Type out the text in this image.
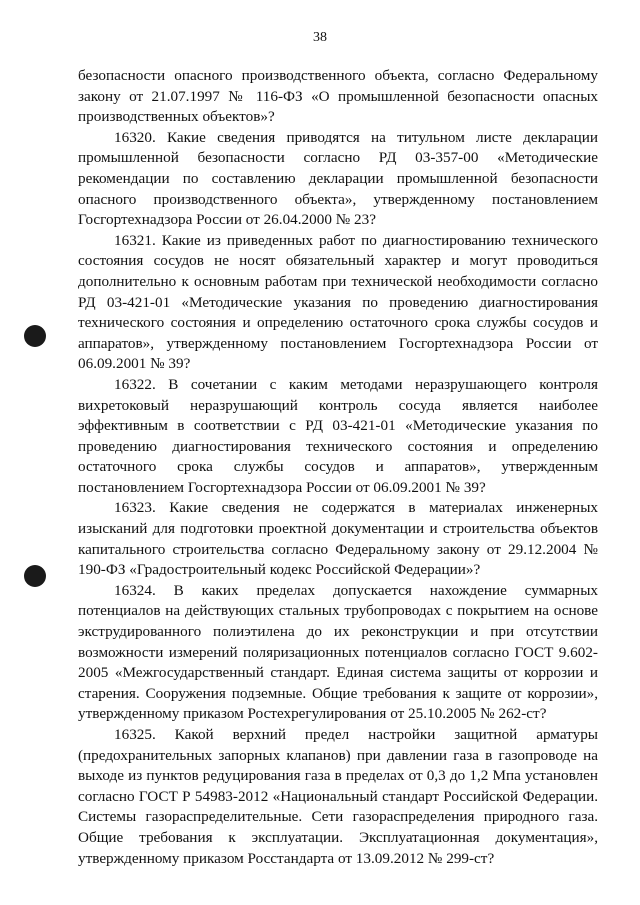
38

безопасности опасного производственного объекта, согласно Федеральному закону от 21.07.1997 № 116-ФЗ «О промышленной безопасности опасных производственных объектов»?

16320. Какие сведения приводятся на титульном листе декларации промышленной безопасности согласно РД 03-357-00 «Методические рекомендации по составлению декларации промышленной безопасности опасного производственного объекта», утвержденному постановлением Госгортехнадзора России от 26.04.2000 № 23?

16321. Какие из приведенных работ по диагностированию технического состояния сосудов не носят обязательный характер и могут проводиться дополнительно к основным работам при технической необходимости согласно РД 03-421-01 «Методические указания по проведению диагностирования технического состояния и определению остаточного срока службы сосудов и аппаратов», утвержденному постановлением Госгортехнадзора России от 06.09.2001 № 39?

16322. В сочетании с каким методами неразрушающего контроля вихретоковый неразрушающий контроль сосуда является наиболее эффективным в соответствии с РД 03-421-01 «Методические указания по проведению диагностирования технического состояния и определению остаточного срока службы сосудов и аппаратов», утвержденным постановлением Госгортехнадзора России от 06.09.2001 № 39?

16323. Какие сведения не содержатся в материалах инженерных изысканий для подготовки проектной документации и строительства объектов капитального строительства согласно Федеральному закону от 29.12.2004 № 190-ФЗ «Градостроительный кодекс Российской Федерации»?

16324. В каких пределах допускается нахождение суммарных потенциалов на действующих стальных трубопроводах с покрытием на основе экструдированного полиэтилена до их реконструкции и при отсутствии возможности измерений поляризационных потенциалов согласно ГОСТ 9.602-2005 «Межгосударственный стандарт. Единая система защиты от коррозии и старения. Сооружения подземные. Общие требования к защите от коррозии», утвержденному приказом Ростехрегулирования от 25.10.2005 № 262-ст?

16325. Какой верхний предел настройки защитной арматуры (предохранительных запорных клапанов) при давлении газа в газопроводе на выходе из пунктов редуцирования газа в пределах от 0,3 до 1,2 Мпа установлен согласно ГОСТ Р 54983-2012 «Национальный стандарт Российской Федерации. Системы газораспределительные. Сети газораспределения природного газа. Общие требования к эксплуатации. Эксплуатационная документация», утвержденному приказом Росстандарта от 13.09.2012 № 299-ст?
